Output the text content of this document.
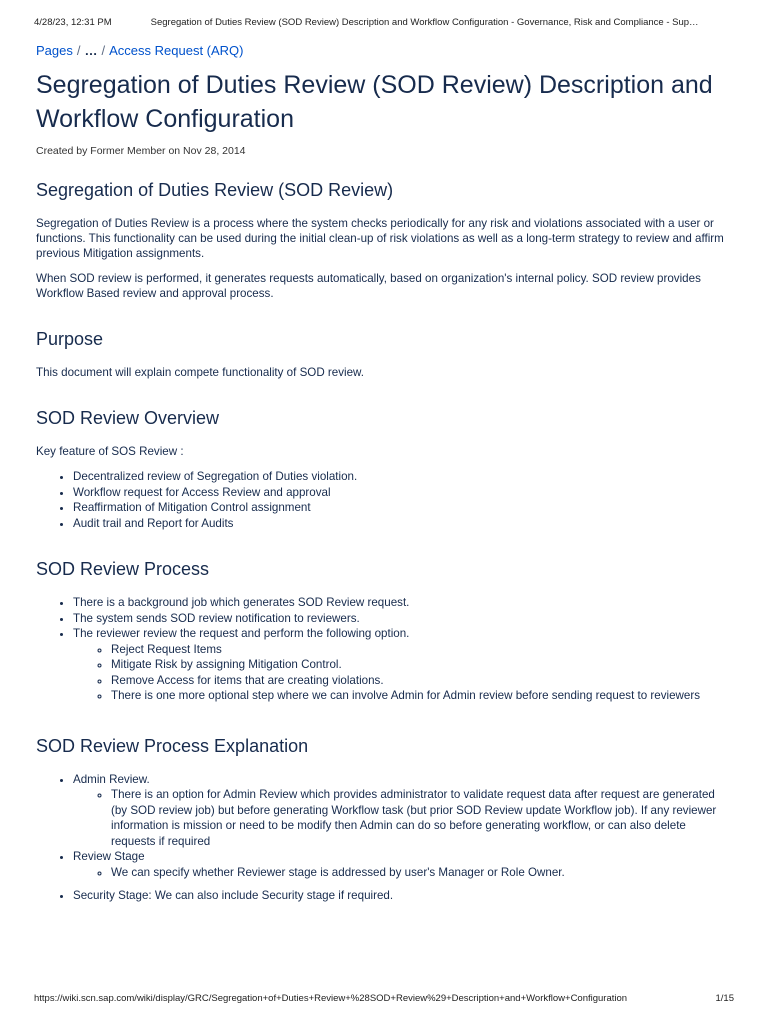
4/28/23, 12:31 PM	Segregation of Duties Review (SOD Review) Description and Workflow Configuration - Governance, Risk and Compliance - Sup…
Pages / … / Access Request (ARQ)
Segregation of Duties Review (SOD Review) Description and Workflow Configuration
Created by Former Member on Nov 28, 2014
Segregation of Duties Review (SOD Review)

Segregation of Duties Review is a process where the system checks periodically for any risk and violations associated with a user or functions. This functionality can be used during the initial clean-up of risk violations as well as a long-term strategy to review and affirm previous Mitigation assignments.

When SOD review is performed, it generates requests automatically, based on organization's internal policy. SOD review provides Workflow Based review and approval process.

Purpose

This document will explain compete functionality of SOD review.

SOD Review Overview

Key feature of SOS Review :

• Decentralized review of Segregation of Duties violation.
• Workflow request for Access Review and approval
• Reaffirmation of Mitigation Control assignment
• Audit trail and Report for Audits
SOD Review Process
• There is a background job which generates SOD Review request.
• The system sends SOD review notification to reviewers.
• The reviewer review the request and perform the following option.
◦ Reject Request Items
◦ Mitigate Risk by assigning Mitigation Control.
◦ Remove Access for items that are creating violations.
◦ There is one more optional step where we can involve Admin for Admin review before sending request to reviewers
SOD Review Process Explanation
• Admin Review.
◦ There is an option for Admin Review which provides administrator to validate request data after request are generated (by SOD review job) but before generating Workflow task (but prior SOD Review update Workflow job). If any reviewer information is mission or need to be modify then Admin can do so before generating workflow, or can also delete requests if required
• Review Stage
◦ We can specify whether Reviewer stage is addressed by user's Manager or Role Owner.
• Security Stage: We can also include Security stage if required.
https://wiki.scn.sap.com/wiki/display/GRC/Segregation+of+Duties+Review+%28SOD+Review%29+Description+and+Workflow+Configuration	1/15
